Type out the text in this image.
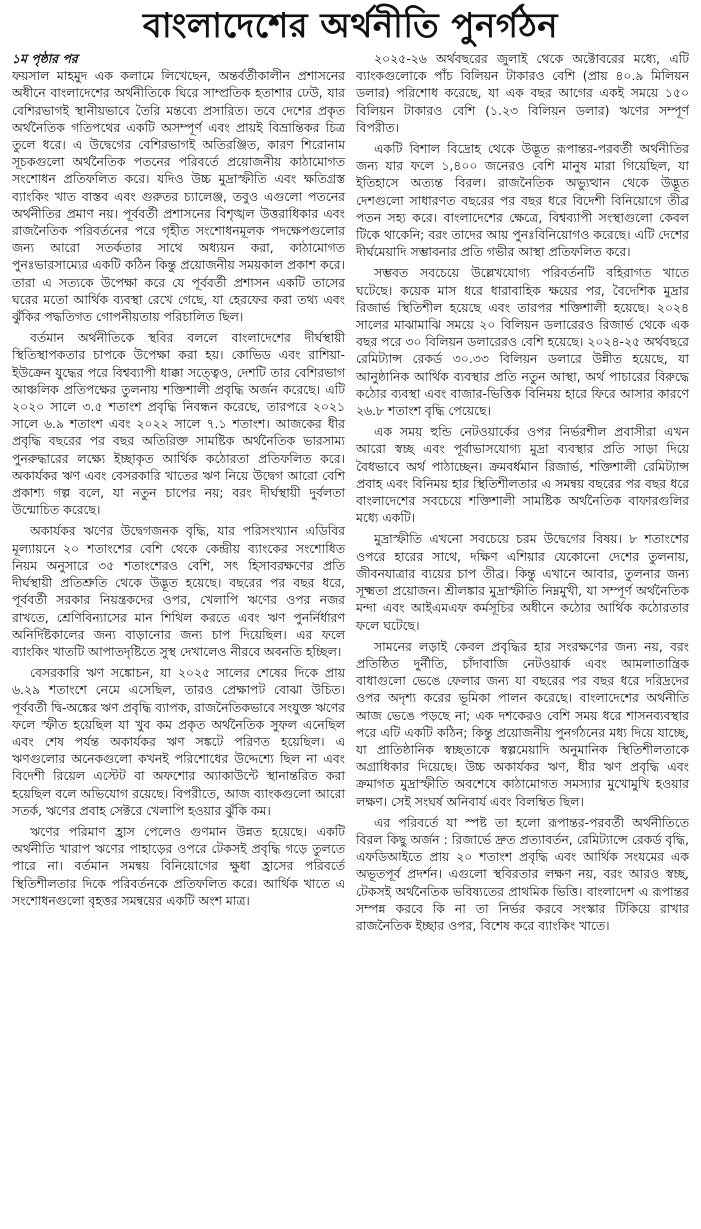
বাংলাদেশের অর্থনীতি পুনর্গঠন

১ম পৃষ্ঠার পর

ফয়সাল মাহমুদ এক কলামে লিখেছেন, অন্তর্বর্তীকালীন প্রশাসনের অধীনে বাংলাদেশের অর্থনীতিকে ঘিরে সাম্প্রতিক হতাশার ঢেউ, যার বেশিরভাগই স্থানীয়ভাবে তৈরি মন্তব্যে প্রসারিত। তবে দেশের প্রকৃত অর্থনৈতিক গতিপথের একটি অসম্পূর্ণ এবং প্রায়ই বিভ্রান্তিকর চিত্র তুলে ধরে। এ উদ্বেগের বেশিরভাগই অতিরঞ্জিত, কারণ শিরোনাম সূচকগুলো অর্থনৈতিক পতনের পরিবর্তে প্রয়োজনীয় কাঠামোগত সংশোধন প্রতিফলিত করে। যদিও উচ্চ মুদ্রাস্ফীতি এবং ক্ষতিগ্রস্ত ব্যাংকিং খাত বাস্তব এবং গুরুতর চ্যালেঞ্জ, তবুও এগুলো পতনের অর্থনীতির প্রমাণ নয়। পূর্ববর্তী প্রশাসনের বিশৃঙ্খল উত্তরাধিকার এবং রাজনৈতিক পরিবর্তনের পরে গৃহীত সংশোধনমূলক পদক্ষেপগুলোর জন্য আরো সতর্কতার সাথে অধ্যয়ন করা, কাঠামোগত পুনঃভারসাম্যের একটি কঠিন কিন্তু প্রয়োজনীয় সময়কাল প্রকাশ করে। তারা এ সত্যকে উপেক্ষা করে যে পূর্ববর্তী প্রশাসন একটি তাসের ঘরের মতো আর্থিক ব্যবস্থা রেখে গেছে, যা হেরফের করা তথ্য এবং ঝুঁকির পদ্ধতিগত গোপনীয়তায় পরিচালিত ছিল।

বর্তমান অর্থনীতিকে স্থবির বললে বাংলাদেশের দীর্ঘস্থায়ী স্থিতিস্থাপকতার চাপকে উপেক্ষা করা হয়। কোভিড এবং রাশিয়া-ইউক্রেন যুদ্ধের পরে বিশ্বব্যাপী ধাক্কা সত্ত্বেও, দেশটি তার বেশিরভাগ আঞ্চলিক প্রতিপক্ষের তুলনায় শক্তিশালী প্রবৃদ্ধি অর্জন করেছে। এটি ২০২০ সালে ৩.৫ শতাংশ প্রবৃদ্ধি নিবন্ধন করেছে, তারপরে ২০২১ সালে ৬.৯ শতাংশ এবং ২০২২ সালে ৭.১ শতাংশ। আজকের ধীর প্রবৃদ্ধি বছরের পর বছর অতিরিক্ত সামষ্টিক অর্থনৈতিক ভারসাম্য পুনরুদ্ধারের লক্ষ্যে ইচ্ছাকৃত আর্থিক কঠোরতা প্রতিফলিত করে। অকার্যকর ঋণ এবং বেসরকারি খাতের ঋণ নিয়ে উদ্বেগ আরো বেশি প্রকাশ্য গল্প বলে, যা নতুন চাপের নয়; বরং দীর্ঘস্থায়ী দুর্বলতা উন্মোচিত করেছে।

অকার্যকর ঋণের উদ্বেগজনক বৃদ্ধি, যার পরিসংখ্যান এডিবির মূল্যায়নে ২০ শতাংশের বেশি থেকে কেন্দ্রীয় ব্যাংকের সংশোধিত নিয়ম অনুসারে ৩৫ শতাংশেরও বেশি, সৎ হিসাবরক্ষণের প্রতি দীর্ঘস্থায়ী প্রতিশ্রুতি থেকে উদ্ভূত হয়েছে। বছরের পর বছর ধরে, পূর্ববর্তী সরকার নিয়ন্ত্রকদের ওপর, খেলাপি ঋণের ওপর নজর রাখতে, শ্রেণিবিন্যাসের মান শিথিল করতে এবং ঋণ পুনর্নির্ধারণ অনির্দিষ্টকালের জন্য বাড়ানোর জন্য চাপ দিয়েছিল। এর ফলে ব্যাংকিং খাতটি আপাতদৃষ্টিতে সুস্থ দেখালেও নীরবে অবনতি হচ্ছিল।

বেসরকারি ঋণ সঙ্কোচন, যা ২০২৫ সালের শেষের দিকে প্রায় ৬.২৯ শতাংশে নেমে এসেছিল, তারও প্রেক্ষাপট বোঝা উচিত। পূর্ববর্তী দ্বি-অঙ্কের ঋণ প্রবৃদ্ধি ব্যাপক, রাজনৈতিকভাবে সংযুক্ত ঋণের ফলে স্ফীত হয়েছিল যা খুব কম প্রকৃত অর্থনৈতিক সুফল এনেছিল এবং শেষ পর্যন্ত অকার্যকর ঋণ সঙ্কটে পরিণত হয়েছিল। এ ঋণগুলোর অনেকগুলো কখনই পরিশোধের উদ্দেশ্যে ছিল না এবং বিদেশী রিয়েল এস্টেট বা অফশোর অ্যাকাউন্টে স্থানান্তরিত করা হয়েছিল বলে অভিযোগ রয়েছে। বিপরীতে, আজ ব্যাংকগুলো আরো সতর্ক, ঋণের প্রবাহ সেক্টরে খেলাপি হওয়ার ঝুঁকি কম।

ঋণের পরিমাণ হ্রাস পেলেও গুণমান উন্নত হয়েছে। একটি অর্থনীতি খারাপ ঋণের পাহাড়ের ওপরে টেকসই প্রবৃদ্ধি গড়ে তুলতে পারে না। বর্তমান সমন্বয় বিনিয়োগের ক্ষুধা হ্রাসের পরিবর্তে স্থিতিশীলতার দিকে পরিবর্তনকে প্রতিফলিত করে। আর্থিক খাতে এ সংশোধনগুলো বৃহত্তর সমন্বয়ের একটি অংশ মাত্র।

২০২৫-২৬ অর্থবছরের জুলাই থেকে অক্টোবরের মধ্যে, এটি ব্যাংকগুলোকে পাঁচ বিলিয়ন টাকারও বেশি (প্রায় ৪০.৯ মিলিয়ন ডলার) পরিশোধ করেছে, যা এক বছর আগের একই সময়ে ১৫০ বিলিয়ন টাকারও বেশি (১.২৩ বিলিয়ন ডলার) ঋণের সম্পূর্ণ বিপরীত।

একটি বিশাল বিদ্রোহ থেকে উদ্ভূত রূপান্তর-পরবর্তী অর্থনীতির জন্য যার ফলে ১,৪০০ জনেরও বেশি মানুষ মারা গিয়েছিল, যা ইতিহাসে অত্যন্ত বিরল। রাজনৈতিক অভ্যুত্থান থেকে উদ্ভূত দেশগুলো সাধারণত বছরের পর বছর ধরে বিদেশী বিনিয়োগে তীব্র পতন সহ্য করে। বাংলাদেশের ক্ষেত্রে, বিশ্বব্যাপী সংস্থাগুলো কেবল টিকে থাকেনি; বরং তাদের আয় পুনঃবিনিয়োগও করেছে। এটি দেশের দীর্ঘমেয়াদি সম্ভাবনার প্রতি গভীর আস্থা প্রতিফলিত করে।

সম্ভবত সবচেয়ে উল্লেখযোগ্য পরিবর্তনটি বহিরাগত খাতে ঘটেছে। কয়েক মাস ধরে ধারাবাহিক ক্ষয়ের পর, বৈদেশিক মুদ্রার রিজার্ভ স্থিতিশীল হয়েছে এবং তারপর শক্তিশালী হয়েছে। ২০২৪ সালের মাঝামাঝি সময়ে ২০ বিলিয়ন ডলারেরও রিজার্ভ থেকে এক বছর পরে ৩০ বিলিয়ন ডলারেরও বেশি হয়েছে। ২০২৪-২৫ অর্থবছরে রেমিট্যান্স রেকর্ড ৩০.৩৩ বিলিয়ন ডলারে উন্নীত হয়েছে, যা আনুষ্ঠানিক আর্থিক ব্যবস্থার প্রতি নতুন আস্থা, অর্থ পাচারের বিরুদ্ধে কঠোর ব্যবস্থা এবং বাজার-ভিত্তিক বিনিময় হারে ফিরে আসার কারণে ২৬.৮ শতাংশ বৃদ্ধি পেয়েছে।

এক সময় হুন্ডি নেটওয়ার্কের ওপর নির্ভরশীল প্রবাসীরা এখন আরো স্বচ্ছ এবং পূর্বাভাসযোগ্য মুদ্রা ব্যবস্থার প্রতি সাড়া দিয়ে বৈধভাবে অর্থ পাঠাচ্ছেন। ক্রমবর্ধমান রিজার্ভ, শক্তিশালী রেমিট্যান্স প্রবাহ এবং বিনিময় হার স্থিতিশীলতার এ সমন্বয় বছরের পর বছর ধরে বাংলাদেশের সবচেয়ে শক্তিশালী সামষ্টিক অর্থনৈতিক বাফারগুলির মধ্যে একটি।

মুদ্রাস্ফীতি এখনো সবচেয়ে চরম উদ্বেগের বিষয়। ৮ শতাংশের ওপরে হারের সাথে, দক্ষিণ এশিয়ার যেকোনো দেশের তুলনায়, জীবনযাত্রার ব্যয়ের চাপ তীব্র। কিন্তু এখানে আবার, তুলনার জন্য সূক্ষ্মতা প্রয়োজন। শ্রীলঙ্কার মুদ্রাস্ফীতি নিম্নমুখী, যা সম্পূর্ণ অর্থনৈতিক মন্দা এবং আইএমএফ কর্মসূচির অধীনে কঠোর আর্থিক কঠোরতার ফলে ঘটেছে।

সামনের লড়াই কেবল প্রবৃদ্ধির হার সংরক্ষণের জন্য নয়, বরং প্রতিষ্ঠিত দুর্নীতি, চাঁদাবাজি নেটওয়ার্ক এবং আমলাতান্ত্রিক বাধাগুলো ভেঙে ফেলার জন্য যা বছরের পর বছর ধরে দরিদ্রদের ওপর অদৃশ্য করের ভূমিকা পালন করেছে। বাংলাদেশের অর্থনীতি আজ ভেঙে পড়ছে না; এক দশকেরও বেশি সময় ধরে শাসনব্যবস্থার পরে এটি একটি কঠিন; কিন্তু প্রয়োজনীয় পুনর্গঠনের মধ্য দিয়ে যাচ্ছে, যা প্রাতিষ্ঠানিক স্বচ্ছতাকে স্বল্পমেয়াদি অনুমানিক স্থিতিশীলতাকে অগ্রাধিকার দিয়েছে। উচ্চ অকার্যকর ঋণ, ধীর ঋণ প্রবৃদ্ধি এবং ক্রমাগত মুদ্রাস্ফীতি অবশেষে কাঠামোগত সমস্যার মুখোমুখি হওয়ার লক্ষণ। সেই সংঘর্ষ অনিবার্য এবং বিলম্বিত ছিল।

এর পরিবর্তে যা স্পষ্ট তা হলো রূপান্তর-পরবর্তী অর্থনীতিতে বিরল কিছু অর্জন : রিজার্ভে দ্রুত প্রত্যাবর্তন, রেমিট্যান্সে রেকর্ড বৃদ্ধি, এফডিআইতে প্রায় ২০ শতাংশ প্রবৃদ্ধি এবং আর্থিক সংযমের এক অভূতপূর্ব প্রদর্শন। এগুলো স্থবিরতার লক্ষণ নয়, বরং আরও স্বচ্ছ, টেকসই অর্থনৈতিক ভবিষ্যতের প্রাথমিক ভিত্তি। বাংলাদেশ এ রূপান্তর সম্পন্ন করবে কি না তা নির্ভর করবে সংস্কার টিকিয়ে রাখার রাজনৈতিক ইচ্ছার ওপর, বিশেষ করে ব্যাংকিং খাতে।
